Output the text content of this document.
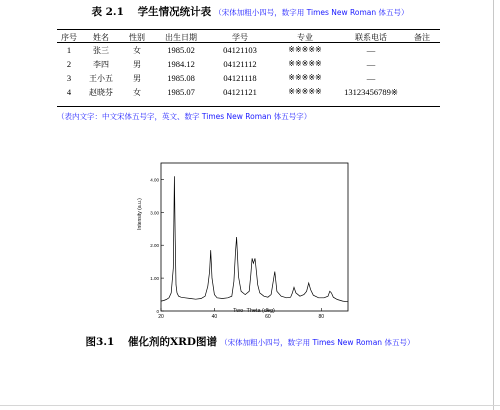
表 2.1 学生情况统计表 （宋体加粗小四号，数字用 Times New Roman 体五号）
序号 姓名	性别	出生日期	学号	专业	联系电话	备注
1	张三	女	1985.02	04121103	※※※※※	—
2	李四	男	1984.12	04121112	※※※※※	—
3 王小五	男	1985.08	04121118	※※※※※	—
4 赵晓芬	女	1985.07	04121121	※※※※※	13123456789※
（表内文字：中文宋体五号字，英文、数字 Times New Roman 体五号字）
20	40	60	80
0
1.00
2.00
3.00
4.00
Two- Theta (deg)
Intensity (a.u.)
图3.1 催化剂的XRD图谱 （宋体加粗小四号，数字用 Times New Roman 体五号）
